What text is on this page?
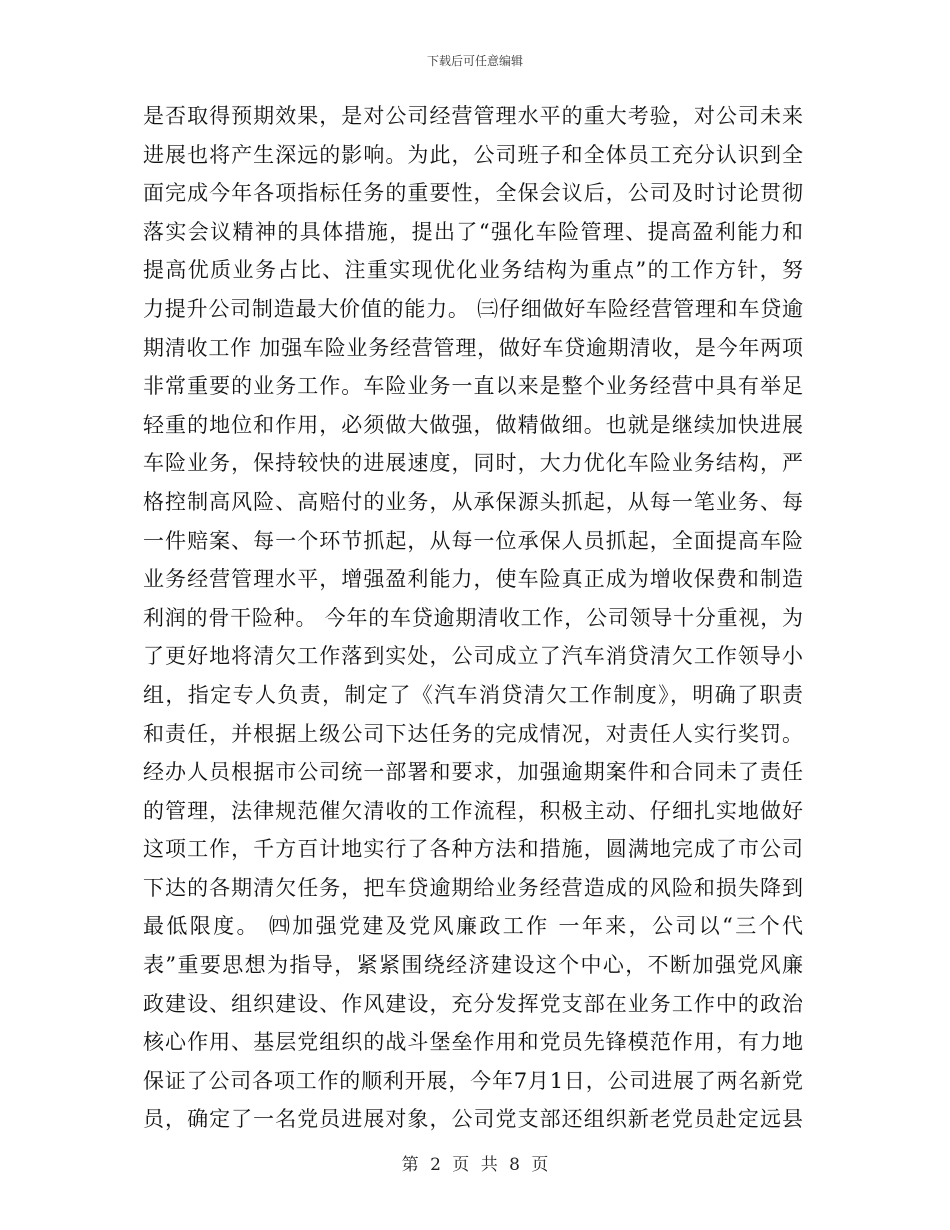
下载后可任意编辑
是否取得预期效果，是对公司经营管理水平的重大考验，对公司未来
进展也将产生深远的影响。为此，公司班子和全体员工充分认识到全
面完成今年各项指标任务的重要性，全保会议后，公司及时讨论贯彻
落实会议精神的具体措施，提出了“强化车险管理、提高盈利能力和
提高优质业务占比、注重实现优化业务结构为重点”的工作方针，努
力提升公司制造最大价值的能力。 ㈢仔细做好车险经营管理和车贷逾
期清收工作 加强车险业务经营管理，做好车贷逾期清收，是今年两项
非常重要的业务工作。车险业务一直以来是整个业务经营中具有举足
轻重的地位和作用，必须做大做强，做精做细。也就是继续加快进展
车险业务，保持较快的进展速度，同时，大力优化车险业务结构，严
格控制高风险、高赔付的业务，从承保源头抓起，从每一笔业务、每
一件赔案、每一个环节抓起，从每一位承保人员抓起，全面提高车险
业务经营管理水平，增强盈利能力，使车险真正成为增收保费和制造
利润的骨干险种。 今年的车贷逾期清收工作，公司领导十分重视，为
了更好地将清欠工作落到实处，公司成立了汽车消贷清欠工作领导小
组，指定专人负责，制定了《汽车消贷清欠工作制度》，明确了职责
和责任，并根据上级公司下达任务的完成情况，对责任人实行奖罚。
经办人员根据市公司统一部署和要求，加强逾期案件和合同未了责任
的管理，法律规范催欠清收的工作流程，积极主动、仔细扎实地做好
这项工作，千方百计地实行了各种方法和措施，圆满地完成了市公司
下达的各期清欠任务，把车贷逾期给业务经营造成的风险和损失降到
最低限度。 ㈣加强党建及党风廉政工作 一年来，公司以“三个代
表”重要思想为指导，紧紧围绕经济建设这个中心，不断加强党风廉
政建设、组织建设、作风建设，充分发挥党支部在业务工作中的政治
核心作用、基层党组织的战斗堡垒作用和党员先锋模范作用，有力地
保证了公司各项工作的顺利开展，今年7月1日，公司进展了两名新党
员，确定了一名党员进展对象，公司党支部还组织新老党员赴定远县
第 2 页 共 8 页
